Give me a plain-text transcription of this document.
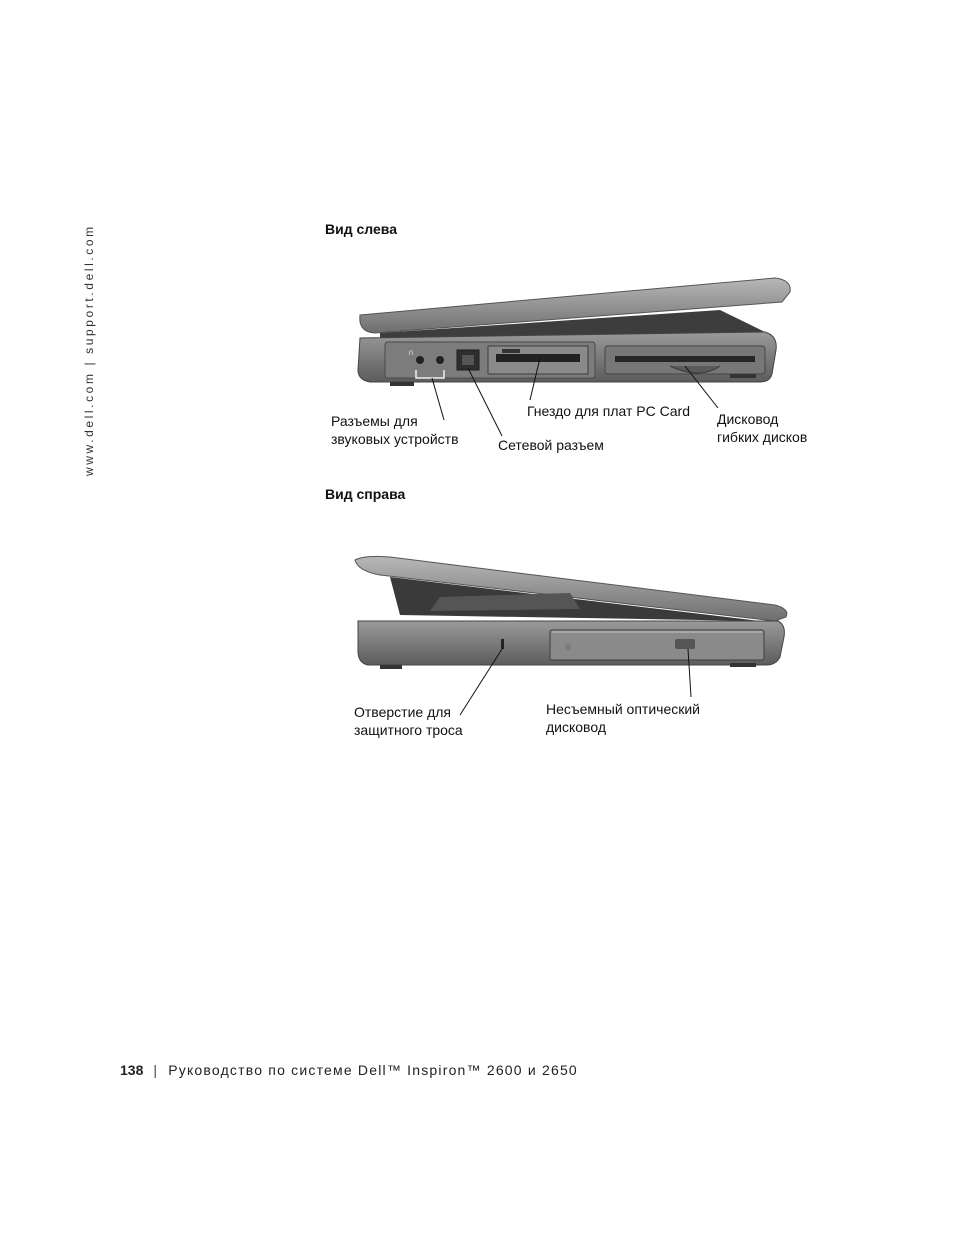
www.dell.com | support.dell.com	Вид слева
∩
Разъемы для
звуковых устройств
Гнездо для плат PC Card
Сетевой разъем
Дисковод
гибких дисков
Вид справа
◎
Отверстие для
защитного троса
Несъемный оптический
дисковод
138 | Руководство по системе Dell™ Inspiron™ 2600 и 2650
